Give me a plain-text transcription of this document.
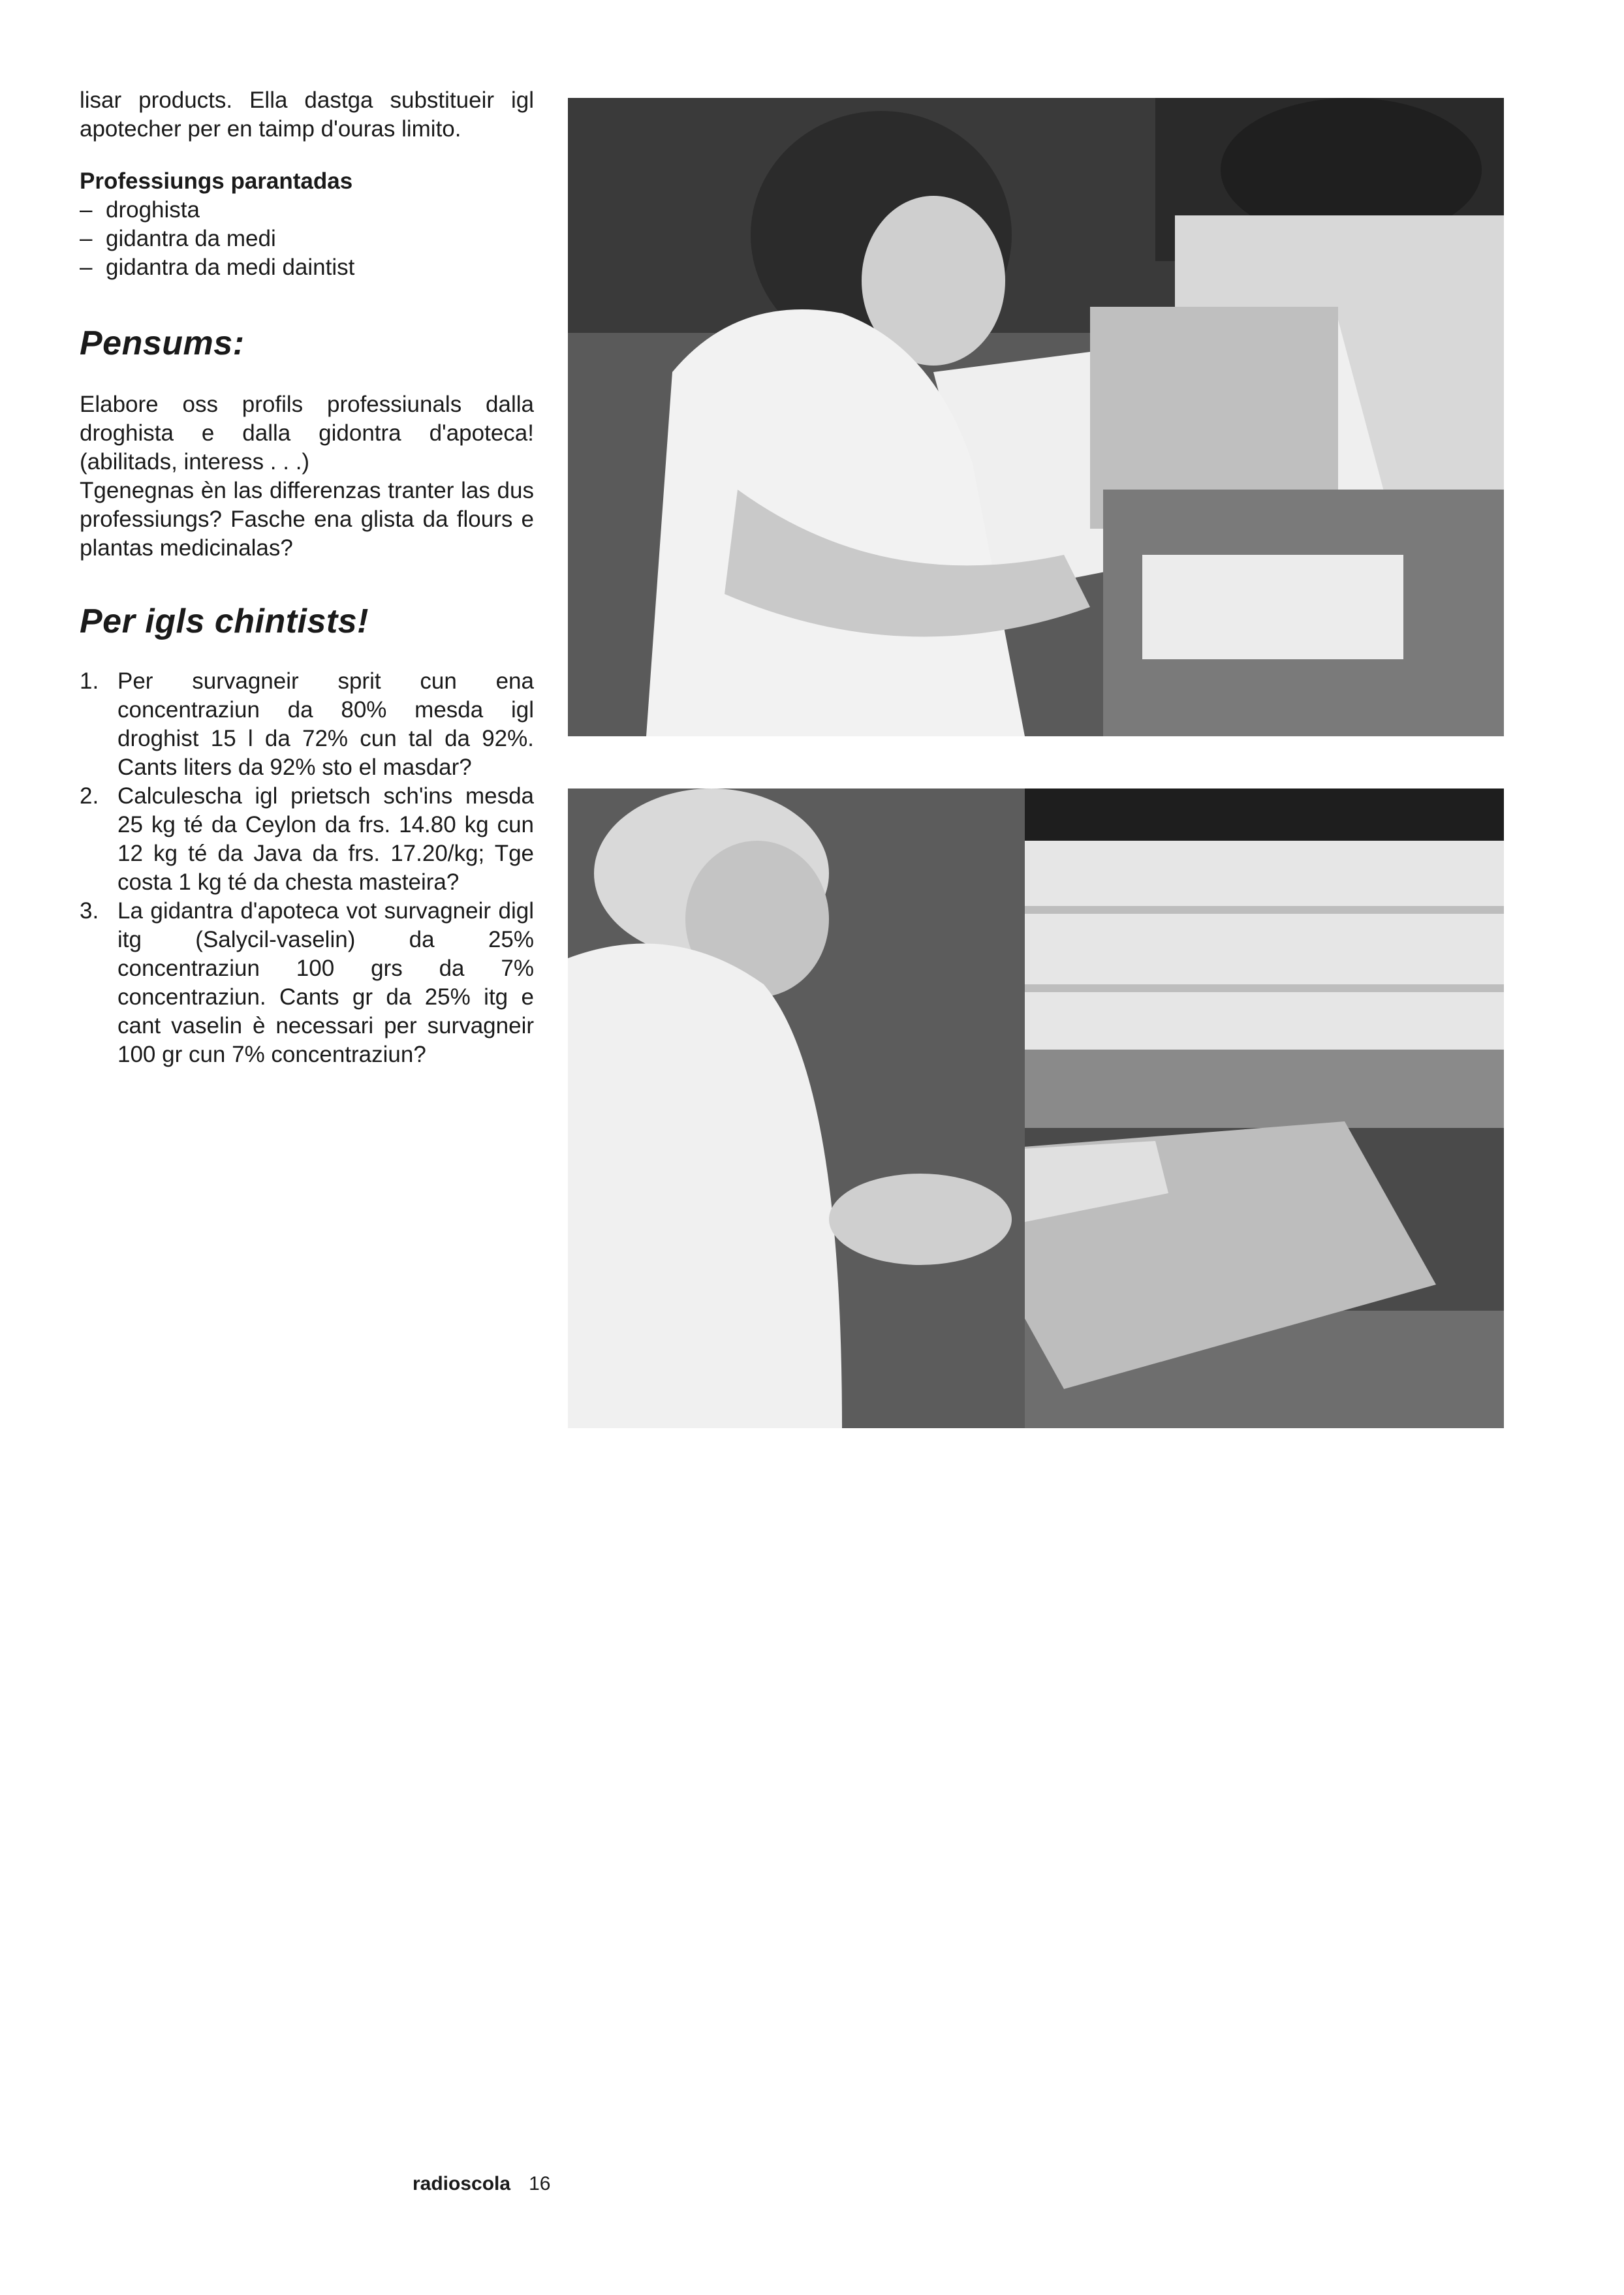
lisar products. Ella dastga substitueir igl apotecher per en taimp d'ouras limito.

Professiungs parantadas

– droghista
– gidantra da medi
– gidantra da medi daintist

Pensums:

Elabore oss profils professiunals dalla droghista e dalla gidontra d'apoteca! (abilitads, interess . . .)

Tgenegnas èn las differenzas tranter las dus professiungs? Fasche ena glista da flours e plantas medicinalas?

Per igls chintists!

1. Per survagneir sprit cun ena concentraziun da 80% mesda igl droghist 15 l da 72% cun tal da 92%. Cants liters da 92% sto el masdar?
2. Calculescha igl prietsch sch'ins mesda 25 kg té da Ceylon da frs. 14.80 kg cun 12 kg té da Java da frs. 17.20/kg; Tge costa 1 kg té da chesta masteira?
3. La gidantra d'apoteca vot survagneir digl itg (Salycil-vaselin) da 25% concentraziun 100 grs da 7% concentraziun. Cants gr da 25% itg e cant vaselin è necessari per survagneir 100 gr cun 7% concentraziun?
radioscola 16
